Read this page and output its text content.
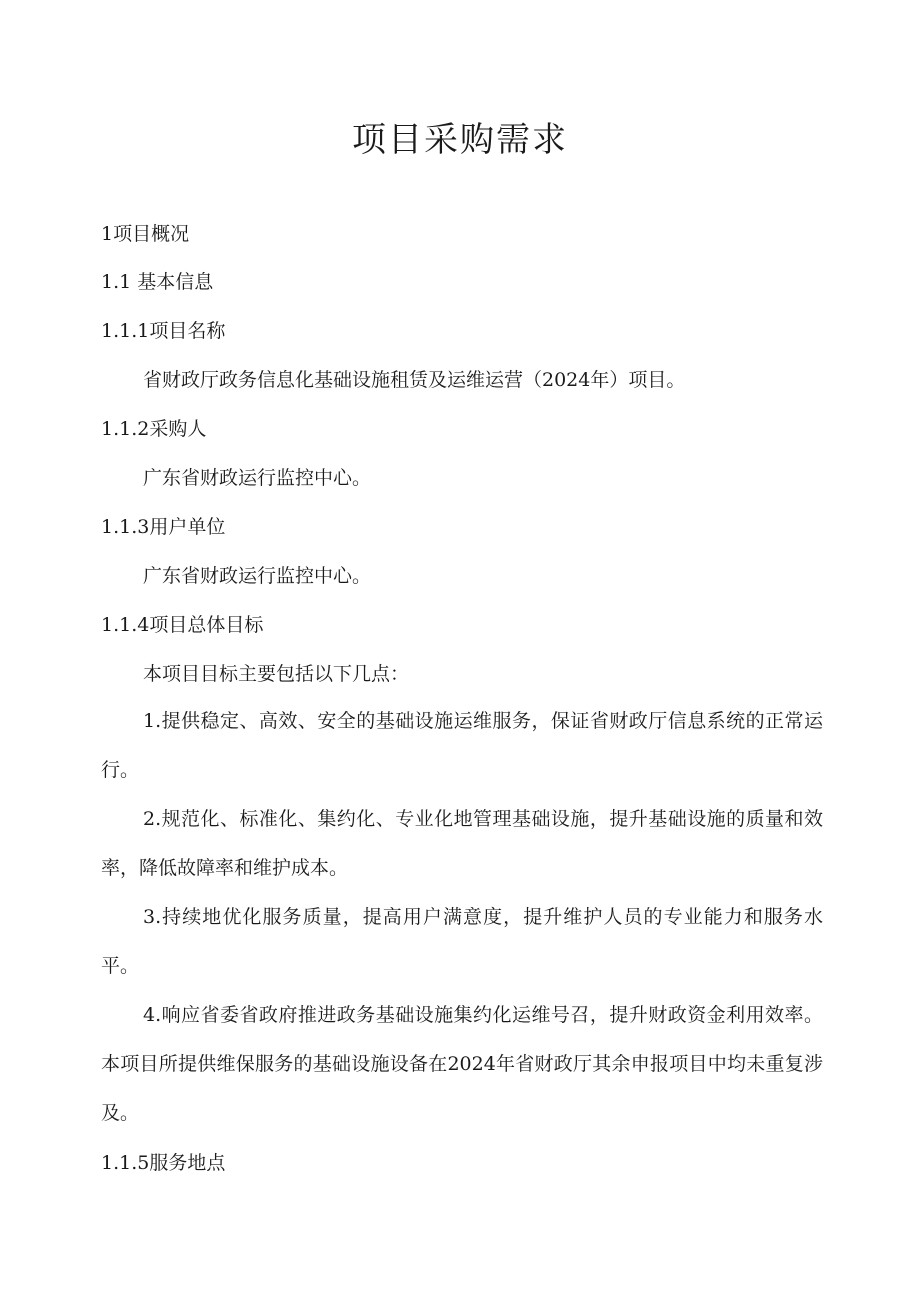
项目采购需求

1项目概况

1.1 基本信息

1.1.1项目名称

省财政厅政务信息化基础设施租赁及运维运营（2024年）项目。

1.1.2采购人

广东省财政运行监控中心。

1.1.3用户单位

广东省财政运行监控中心。

1.1.4项目总体目标

本项目目标主要包括以下几点：

1.提供稳定、高效、安全的基础设施运维服务，保证省财政厅信息系统的正常运行。

2.规范化、标准化、集约化、专业化地管理基础设施，提升基础设施的质量和效率，降低故障率和维护成本。

3.持续地优化服务质量，提高用户满意度，提升维护人员的专业能力和服务水平。

4.响应省委省政府推进政务基础设施集约化运维号召，提升财政资金利用效率。本项目所提供维保服务的基础设施设备在2024年省财政厅其余申报项目中均未重复涉及。

1.1.5服务地点
